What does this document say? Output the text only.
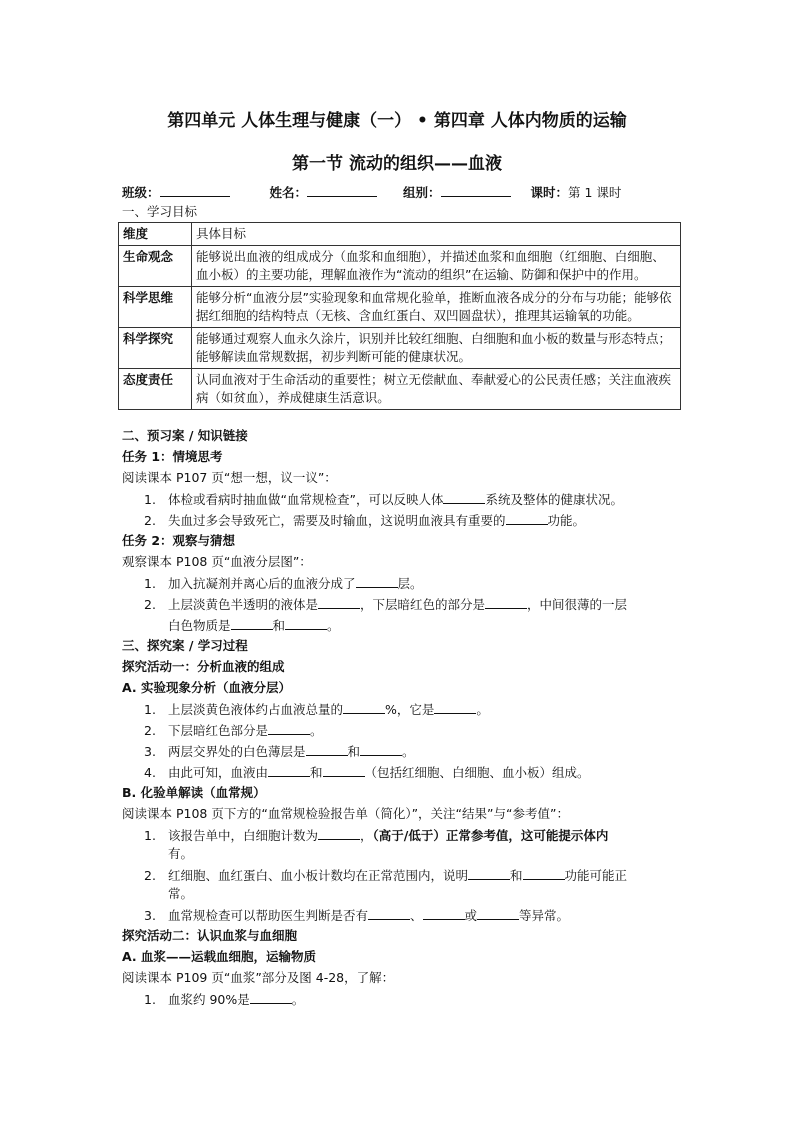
第四单元 人体生理与健康（一） • 第四章 人体内物质的运输
第一节 流动的组织——血液
班级：	姓名：	组别：	课时：第 1 课时
一、学习目标
维度	具体目标
生命观念	能够说出血液的组成成分（血浆和血细胞），并描述血浆和血细胞（红细胞、白细胞、血小板）的主要功能，理解血液作为“流动的组织”在运输、防御和保护中的作用。
科学思维	能够分析“血液分层”实验现象和血常规化验单，推断血液各成分的分布与功能；能够依据红细胞的结构特点（无核、含血红蛋白、双凹圆盘状），推理其运输氧的功能。
科学探究	能够通过观察人血永久涂片，识别并比较红细胞、白细胞和血小板的数量与形态特点；能够解读血常规数据，初步判断可能的健康状况。
态度责任	认同血液对于生命活动的重要性；树立无偿献血、奉献爱心的公民责任感；关注血液疾病（如贫血），养成健康生活意识。
二、预习案 / 知识链接
任务 1：情境思考
阅读课本 P107 页“想一想，议一议”：
1. 体检或看病时抽血做“血常规检查”，可以反映人体	系统及整体的健康状况。
2. 失血过多会导致死亡，需要及时输血，这说明血液具有重要的	功能。
任务 2：观察与猜想
观察课本 P108 页“血液分层图”：
1. 加入抗凝剂并离心后的血液分成了	层。
2. 上层淡黄色半透明的液体是	，下层暗红色的部分是	，中间很薄的一层
白色物质是	和	。
三、探究案 / 学习过程
探究活动一：分析血液的组成
A. 实验现象分析（血液分层）
1. 上层淡黄色液体约占血液总量的	%，它是	。
2. 下层暗红色部分是	。
3. 两层交界处的白色薄层是	和	。
4. 由此可知，血液由	和	（包括红细胞、白细胞、血小板）组成。
B. 化验单解读（血常规）
阅读课本 P108 页下方的“血常规检验报告单（简化）”，关注“结果”与“参考值”：
1. 该报告单中，白细胞计数为	，（高于/低于）正常参考值，这可能提示体内
有。
2. 红细胞、血红蛋白、血小板计数均在正常范围内，说明	和	功能可能正
常。
3. 血常规检查可以帮助医生判断是否有	、	或	等异常。
探究活动二：认识血浆与血细胞
A. 血浆——运载血细胞，运输物质
阅读课本 P109 页“血浆”部分及图 4-28，了解：
1. 血浆约 90%是	。
